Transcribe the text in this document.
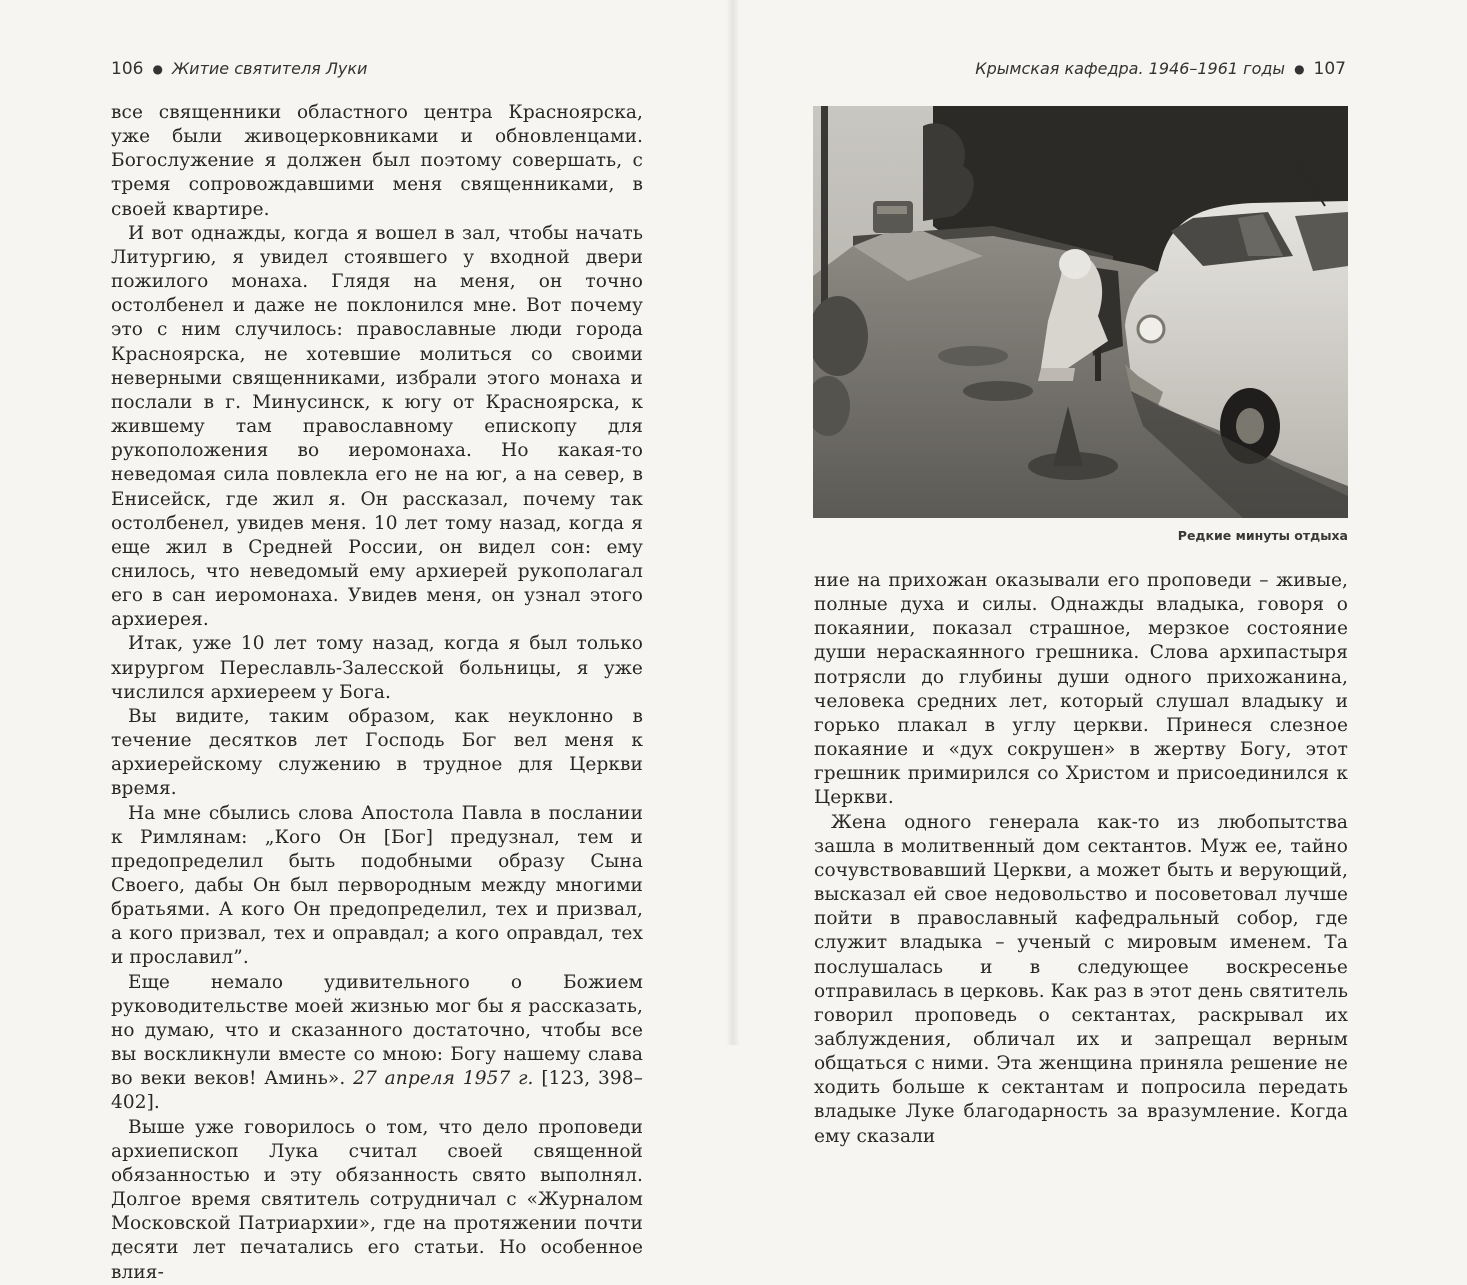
106 ● Житие святителя Луки

все священники областного центра Красноярска, уже были живоцерковниками и обновленцами. Богослужение я должен был поэтому совершать, с тремя сопровождавшими меня священниками, в своей квартире.

И вот однажды, когда я вошел в зал, чтобы начать Литургию, я увидел стоявшего у входной двери пожилого монаха. Глядя на меня, он точно остолбенел и даже не поклонился мне. Вот почему это с ним случилось: православные люди города Красноярска, не хотевшие молиться со своими неверными священниками, избрали этого монаха и послали в г. Минусинск, к югу от Красноярска, к жившему там православному епископу для рукоположения во иеромонаха. Но какая-то неведомая сила повлекла его не на юг, а на север, в Енисейск, где жил я. Он рассказал, почему так остолбенел, увидев меня. 10 лет тому назад, когда я еще жил в Средней России, он видел сон: ему снилось, что неведомый ему архиерей рукополагал его в сан иеромонаха. Увидев меня, он узнал этого архиерея.

Итак, уже 10 лет тому назад, когда я был только хирургом Переславль-Залесской больницы, я уже числился архиереем у Бога.

Вы видите, таким образом, как неуклонно в течение десятков лет Господь Бог вел меня к архиерейскому служению в трудное для Церкви время.

На мне сбылись слова Апостола Павла в послании к Римлянам: „Кого Он [Бог] предузнал, тем и предопределил быть подобными образу Сына Своего, дабы Он был первородным между многими братьями. А кого Он предопределил, тех и призвал, а кого призвал, тех и оправдал; а кого оправдал, тех и прославил”.

Еще немало удивительного о Божием руководительстве моей жизнью мог бы я рассказать, но думаю, что и сказанного достаточно, чтобы все вы воскликнули вместе со мною: Богу нашему слава во веки веков! Аминь». 27 апреля 1957 г. [123, 398–402].

Выше уже говорилось о том, что дело проповеди архиепископ Лука считал своей священной обязанностью и эту обязанность свято выполнял. Долгое время святитель сотрудничал с «Журналом Московской Патриархии», где на протяжении почти десяти лет печатались его статьи. Но особенное влия-

Крымская кафедра. 1946–1961 годы ● 107
Редкие минуты отдыха

ние на прихожан оказывали его проповеди – живые, полные духа и силы. Однажды владыка, говоря о покаянии, показал страшное, мерзкое состояние души нераскаянного грешника. Слова архипастыря потрясли до глубины души одного прихожанина, человека средних лет, который слушал владыку и горько плакал в углу церкви. Принеся слезное покаяние и «дух сокрушен» в жертву Богу, этот грешник примирился со Христом и присоединился к Церкви.

Жена одного генерала как-то из любопытства зашла в молитвенный дом сектантов. Муж ее, тайно сочувствовавший Церкви, а может быть и верующий, высказал ей свое недовольство и посоветовал лучше пойти в православный кафедральный собор, где служит владыка – ученый с мировым именем. Та послушалась и в следующее воскресенье отправилась в церковь. Как раз в этот день святитель говорил проповедь о сектантах, раскрывал их заблуждения, обличал их и запрещал верным общаться с ними. Эта женщина приняла решение не ходить больше к сектантам и попросила передать владыке Луке благодарность за вразумление. Когда ему сказали
